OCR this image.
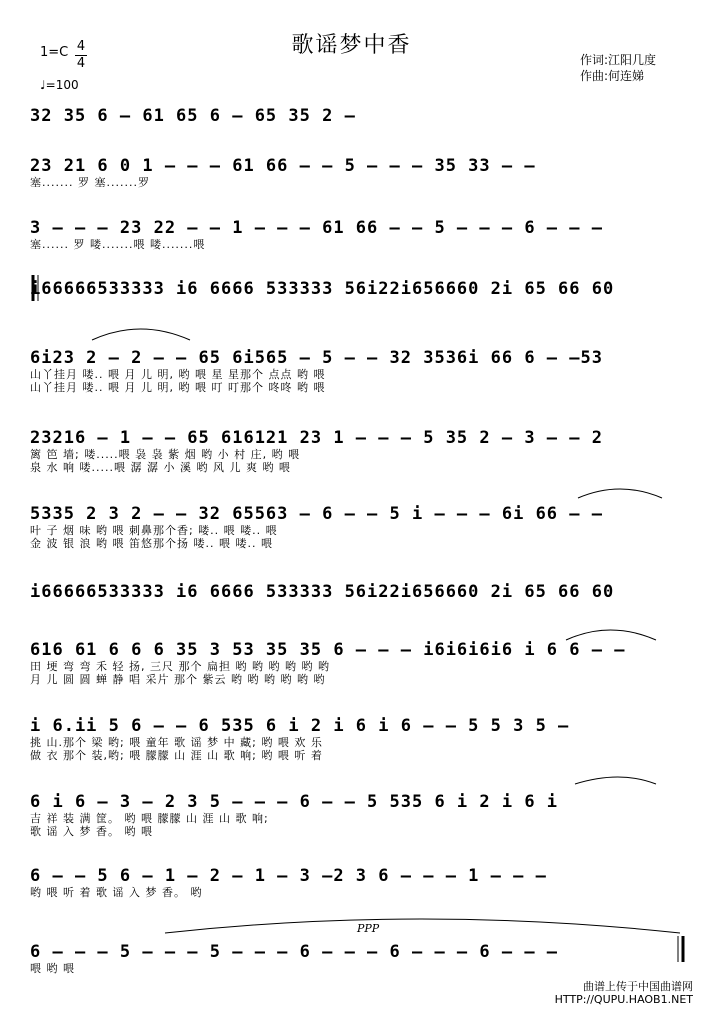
歌谣梦中香
1=C 4
4
♩=100
作词:江阳几度
作曲:何连娣
32 35 6 — 61 65 6 — 65 35 2 —
23 21 6 0 1 — — — 61 66 — — 5 — — — 35 33 — —
塞....... 罗 塞.......罗
3 — — — 23 22 — — 1 — — — 61 66 — — 5 — — — 6 — — —
塞...... 罗 喽.......喂 喽.......喂
i66666533333 i6 6666 533333 56i22i656660 2i 65 66 60
6i23 2 — 2 — — 65 6i565 — 5 — — 32 3536i 66 6 — —53
山丫挂月 喽.. 喂 月 儿 明, 哟 喂 星 星那个 点点 哟 喂
山丫挂月 喽.. 喂 月 儿 明, 哟 喂 叮 叮那个 咚咚 哟 喂
23216 — 1 — — 65 616121 23 1 — — — 5 35 2 — 3 — — 2
篱 笆 墙; 喽.....喂 袅 袅 紫 烟 哟 小 村 庄, 哟 喂
泉 水 响 喽.....喂 潺 潺 小 溪 哟 风 儿 爽 哟 喂
5335 2 3 2 — — 32 65563 — 6 — — 5 i — — — 6i 66 — —
叶 子 烟 味 哟 喂 刺鼻那个香; 喽.. 喂 喽.. 喂
金 波 银 浪 哟 喂 笛悠那个扬 喽.. 喂 喽.. 喂
i66666533333 i6 6666 533333 56i22i656660 2i 65 66 60
616 61 6 6 6 35 3 53 35 35 6 — — — i6i6i6i6 i 6 6 — —
田 埂 弯 弯 禾 轻 扬, 三尺 那个 扁担 哟 哟 哟 哟 哟 哟
月 儿 圆 圆 蝉 静 唱 采片 那个 紫云 哟 哟 哟 哟 哟 哟
i 6.ii 5 6 — — 6 535 6 i 2 i 6 i 6 — — 5 5 3 5 —
挑 山.那个 梁 哟; 喂 童年 歌 谣 梦 中 藏; 哟 喂 欢 乐
做 衣 那个 装,哟; 喂 朦朦 山 涯 山 歌 响; 哟 喂 听 着
6 i 6 — 3 — 2 3 5 — — — 6 — — 5 535 6 i 2 i 6 i
吉 祥 装 满 筐。 哟 喂 朦朦 山 涯 山 歌 响;
歌 谣 入 梦 香。 哟 喂
6 — — 5 6 — 1 — 2 — 1 — 3 —2 3 6 — — — 1 — — —
哟 喂 听 着 歌 谣 入 梦 香。 哟
6 — — — 5 — — — 5 — — — 6 — — — 6 — — — 6 — — —
喂 哟 喂
PPP
曲谱上传于中国曲谱网
HTTP://QUPU.HAOB1.NET
